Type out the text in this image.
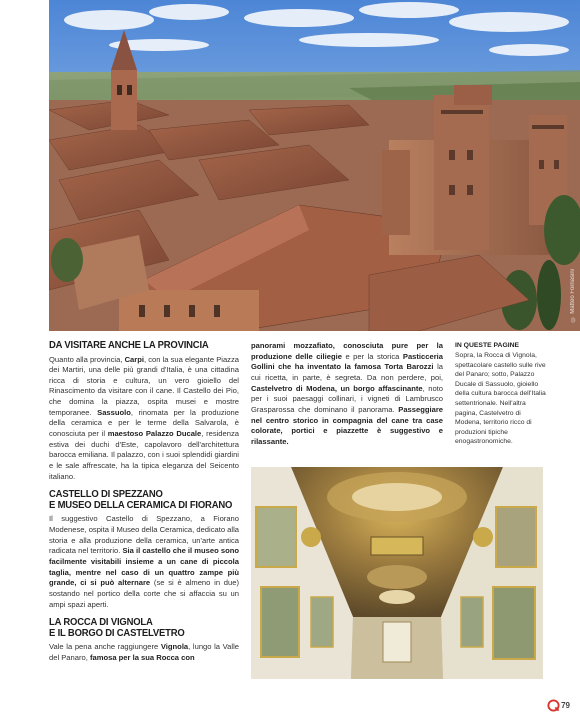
© Matteo Fornasini
DA VISITARE ANCHE LA PROVINCIA

Quanto alla provincia, Carpi, con la sua elegante Piazza dei Martiri, una delle più grandi d'Italia, è una cittadina ricca di storia e cultura, un vero gioiello del Rinascimento da visitare con il cane. Il Castello dei Pio, che domina la piazza, ospita musei e mostre temporanee. Sassuolo, rinomata per la produzione della ceramica e per le terme della Salvarola, è conosciuta per il maestoso Palazzo Ducale, residenza estiva dei duchi d'Este, capolavoro dell'architettura barocca emiliana. Il palazzo, con i suoi splendidi giardini e le sale affrescate, ha la tipica eleganza del Seicento italiano.

CASTELLO DI SPEZZANO
E MUSEO DELLA CERAMICA DI FIORANO

Il suggestivo Castello di Spezzano, a Fiorano Modenese, ospita il Museo della Ceramica, dedicato alla storia e alla produzione della ceramica, un'arte antica radicata nel territorio. Sia il castello che il museo sono facilmente visitabili insieme a un cane di piccola taglia, mentre nel caso di un quattro zampe più grande, ci si può alternare (se si è almeno in due) sostando nel portico della corte che si affaccia su un ampi spazi aperti.

LA ROCCA DI VIGNOLA
E IL BORGO DI CASTELVETRO

Vale la pena anche raggiungere Vignola, lungo la Valle del Panaro, famosa per la sua Rocca con

panorami mozzafiato, conosciuta pure per la produzione delle ciliegie e per la storica Pasticceria Gollini che ha inventato la famosa Torta Barozzi la cui ricetta, in parte, è segreta. Da non perdere, poi, Castelvetro di Modena, un borgo affascinante, noto per i suoi paesaggi collinari, i vigneti di Lambrusco Grasparossa che dominano il panorama. Passeggiare nel centro storico in compagnia del cane tra case colorate, portici e piazzette è suggestivo e rilassante.

IN QUESTE PAGINE

Sopra, la Rocca di Vignola, spettacolare castello sulle rive del Panaro; sotto, Palazzo Ducale di Sassuolo, gioiello della cultura barocca dell'Italia settentrionale. Nell'altra pagina, Castelvetro di Modena, territorio ricco di produzioni tipiche enogastronomiche.

79
